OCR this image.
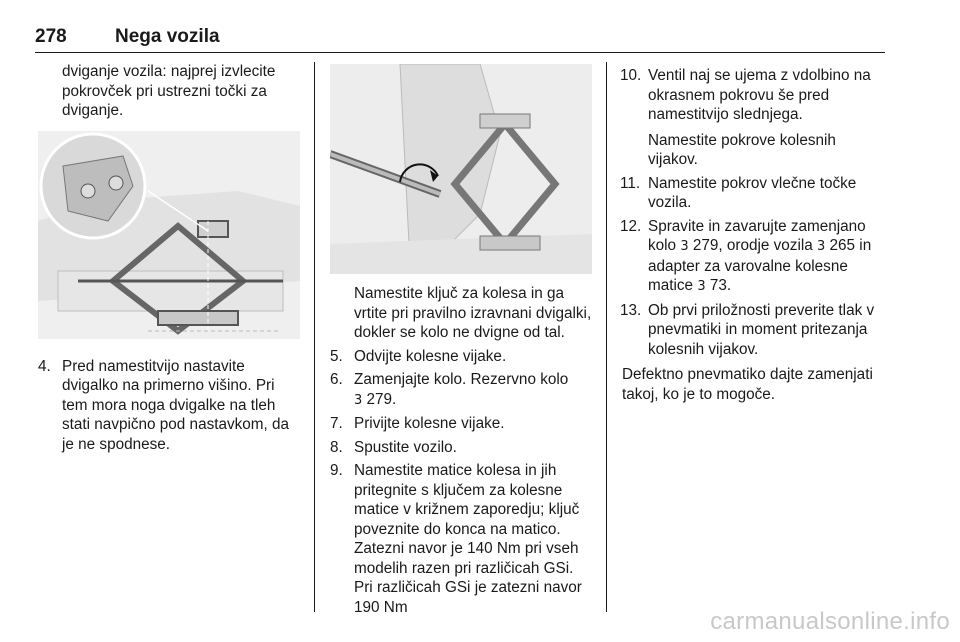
278	Nega vozila

dviganje vozila: najprej izvlecite pokrovček pri ustrezni točki za dviganje.

4. Pred namestitvijo nastavite dvigalko na primerno višino. Pri tem mora noga dvigalke na tleh stati navpično pod nastavkom, da je ne spodnese.

Namestite ključ za kolesa in ga vrtite pri pravilno izravnani dvigalki, dokler se kolo ne dvigne od tal.

5. Odvijte kolesne vijake.
6. Zamenjajte kolo. Rezervno kolo
3 279.
7. Privijte kolesne vijake.
8. Spustite vozilo.
9. Namestite matice kolesa in jih pritegnite s ključem za kolesne matice v križnem zaporedju; ključ poveznite do konca na matico. Zatezni navor je 140 Nm pri vseh modelih razen pri različicah GSi. Pri različicah GSi je zatezni navor 190 Nm
10. Ventil naj se ujema z vdolbino na okrasnem pokrovu še pred namestitvijo slednjega.

Namestite pokrove kolesnih vijakov.

11. Namestite pokrov vlečne točke vozila.
12. Spravite in zavarujte zamenjano kolo 3 279, orodje vozila 3 265 in adapter za varovalne kolesne matice 3 73.
13. Ob prvi priložnosti preverite tlak v pnevmatiki in moment pritezanja kolesnih vijakov.

Defektno pnevmatiko dajte zamenjati takoj, ko je to mogoče.

carmanualsonline.info
